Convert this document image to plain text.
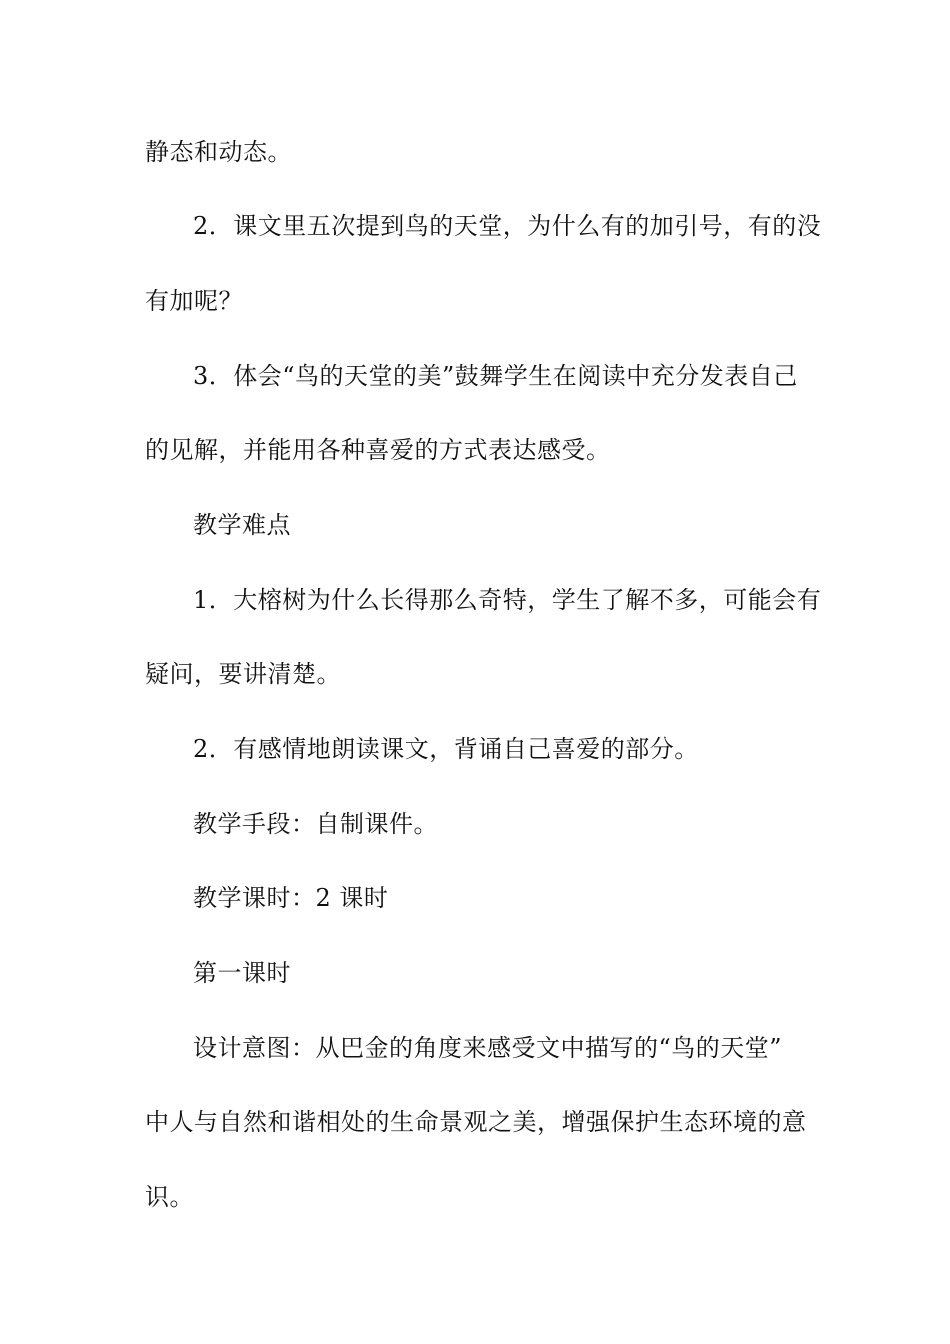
静态和动态。
2．课文里五次提到鸟的天堂，为什么有的加引号，有的没
有加呢？
3．体会“鸟的天堂的美”鼓舞学生在阅读中充分发表自己
的见解，并能用各种喜爱的方式表达感受。
教学难点
1．大榕树为什么长得那么奇特，学生了解不多，可能会有
疑问，要讲清楚。
2．有感情地朗读课文，背诵自己喜爱的部分。
教学手段：自制课件。
教学课时：2 课时
第一课时
设计意图：从巴金的角度来感受文中描写的“鸟的天堂”
中人与自然和谐相处的生命景观之美，增强保护生态环境的意
识。
